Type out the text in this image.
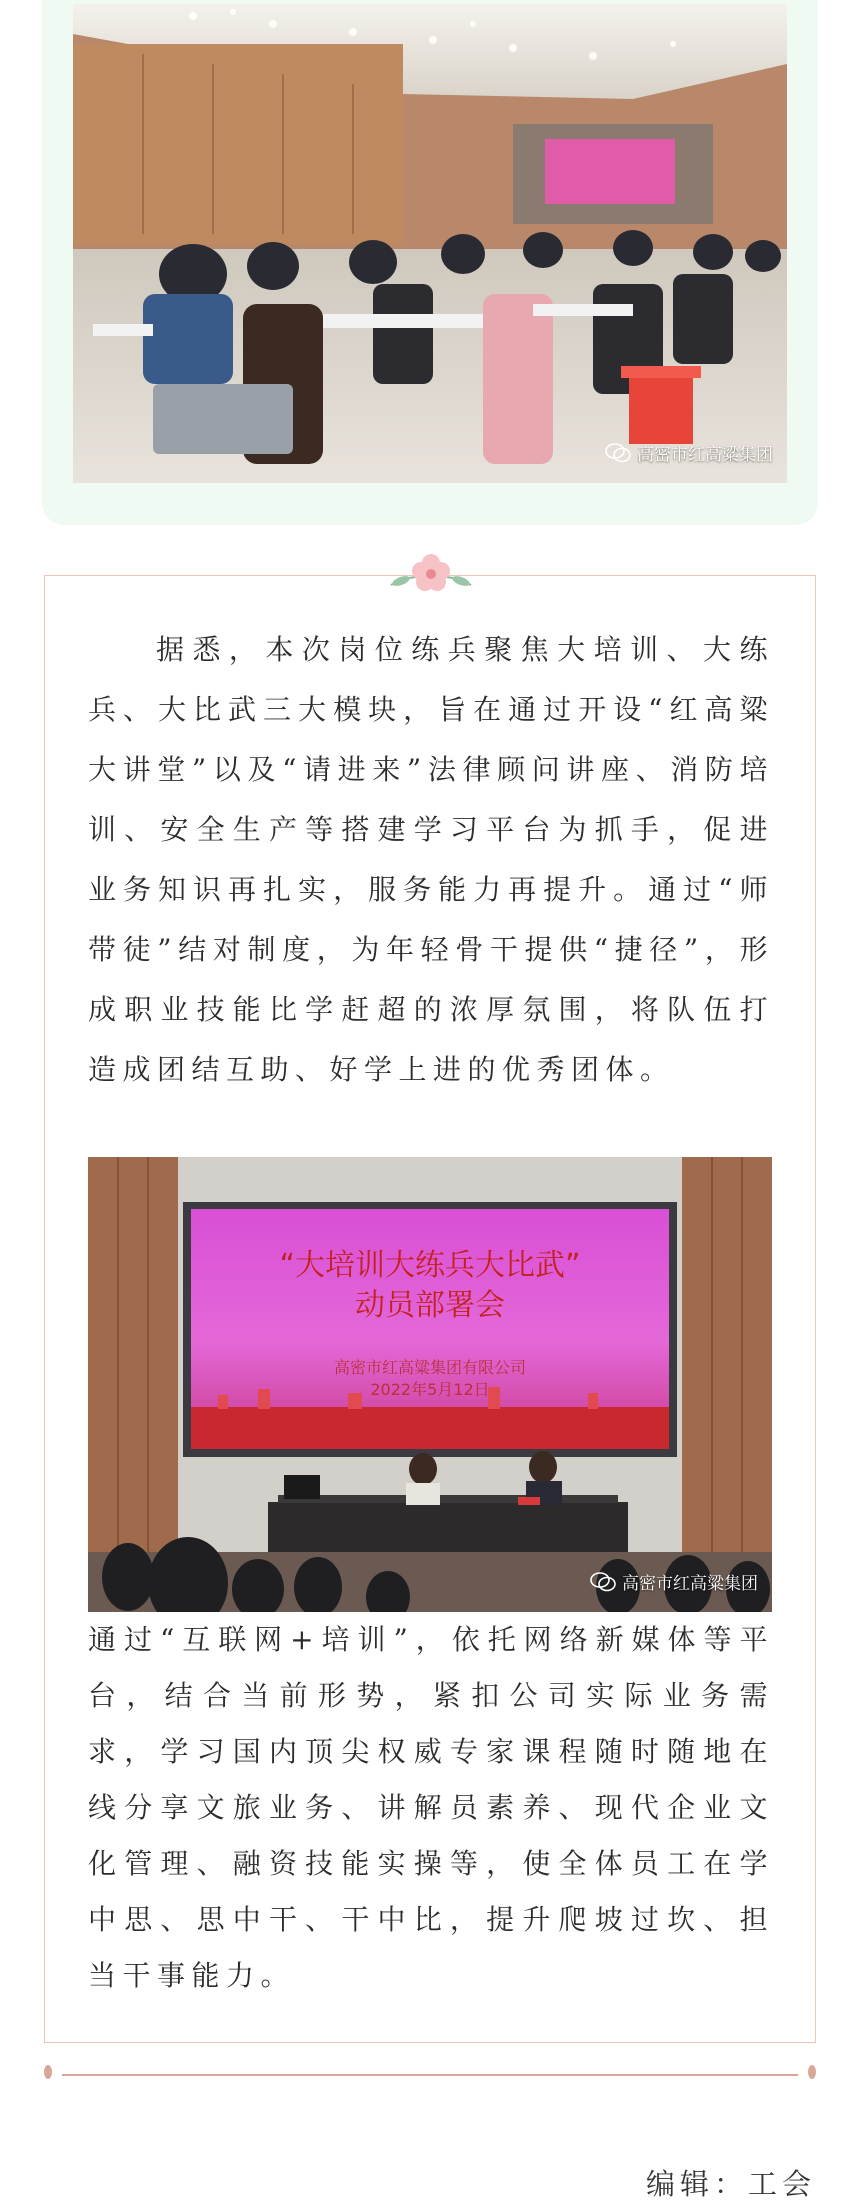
高密市红高粱集团

据悉，本次岗位练兵聚焦大培训、大练兵、大比武三大模块，旨在通过开设“红高粱大讲堂”以及“请进来”法律顾问讲座、消防培训、安全生产等搭建学习平台为抓手，促进业务知识再扎实，服务能力再提升。通过“师带徒”结对制度，为年轻骨干提供“捷径”，形成职业技能比学赶超的浓厚氛围，将队伍打造成团结互助、好学上进的优秀团体。

“大培训大练兵大比武”
动员部署会
高密市红高粱集团有限公司
2022年5月12日
高密市红高粱集团

通过“互联网+培训”，依托网络新媒体等平台，结合当前形势，紧扣公司实际业务需求，学习国内顶尖权威专家课程随时随地在线分享文旅业务、讲解员素养、现代企业文化管理、融资技能实操等，使全体员工在学中思、思中干、干中比，提升爬坡过坎、担当干事能力。

编辑：工会
